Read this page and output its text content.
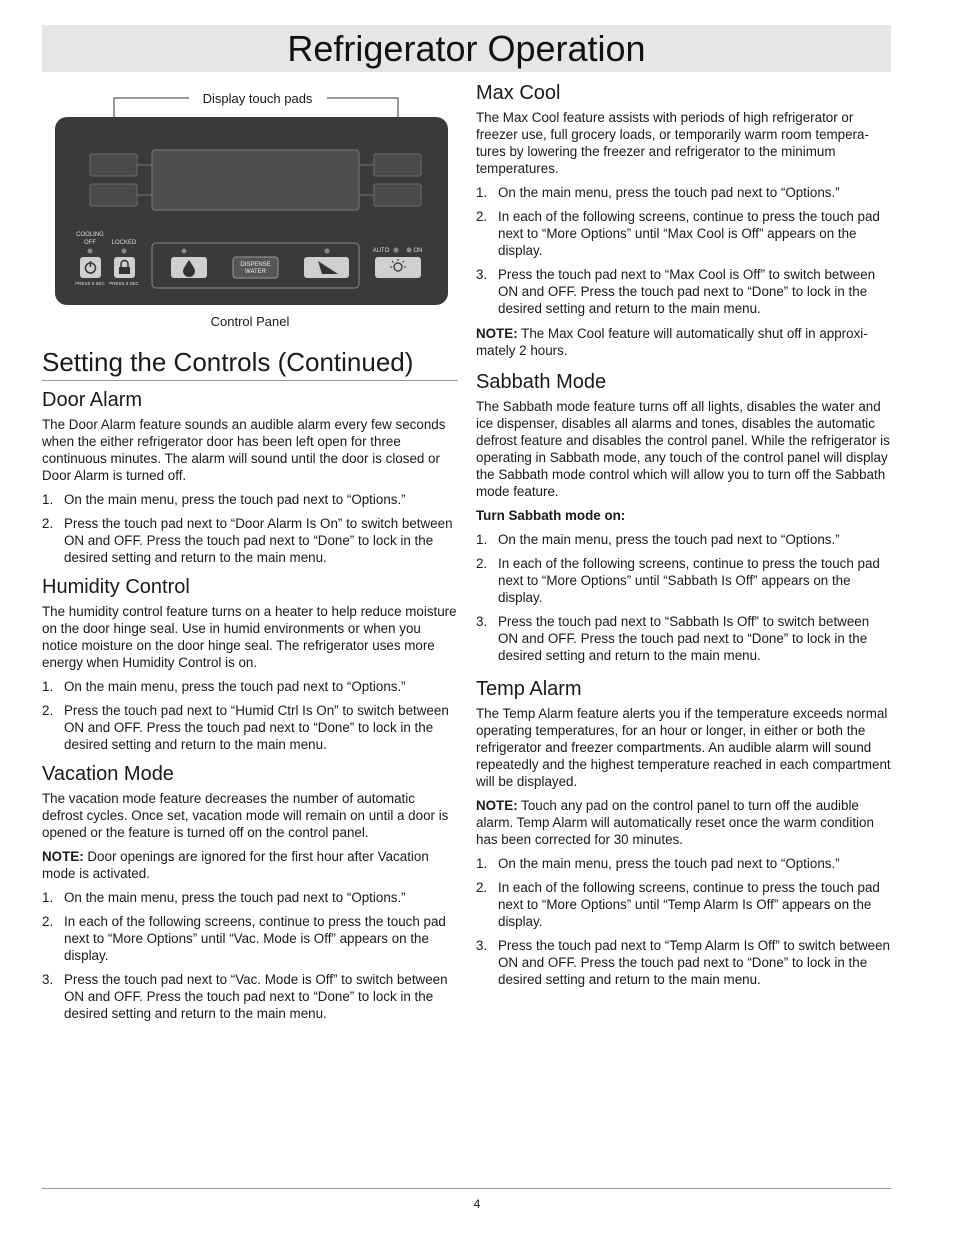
Refrigerator Operation
COOLING
OFF	LOCKED
PRESS 3 SEC PRESS 3 SEC
DISPENSE
WATER
AUTO	ON
Display touch pads
Control Panel
Setting the Controls (Continued)
Door Alarm

The Door Alarm feature sounds an audible alarm every few seconds when the either refrigerator door has been left open for three continuous minutes. The alarm will sound until the door is closed or Door Alarm is turned off.

1. On the main menu, press the touch pad next to “Options.”
2. Press the touch pad next to “Door Alarm Is On” to switch between ON and OFF. Press the touch pad next to “Done” to lock in the desired setting and return to the main menu.
Humidity Control

The humidity control feature turns on a heater to help reduce moisture on the door hinge seal. Use in humid environments or when you notice moisture on the door hinge seal. The refrigerator uses more energy when Humidity Control is on.

1. On the main menu, press the touch pad next to “Options.”
2. Press the touch pad next to “Humid Ctrl Is On” to switch between ON and OFF. Press the touch pad next to “Done” to lock in the desired setting and return to the main menu.
Vacation Mode

The vacation mode feature decreases the number of automatic defrost cycles. Once set, vacation mode will remain on until a door is opened or the feature is turned off on the control panel.

NOTE: Door openings are ignored for the first hour after Vacation mode is activated.

1. On the main menu, press the touch pad next to “Options.”
2. In each of the following screens, continue to press the touch pad next to “More Options” until “Vac. Mode is Off” appears on the display.
3. Press the touch pad next to “Vac. Mode is Off” to switch between ON and OFF. Press the touch pad next to “Done” to lock in the desired setting and return to the main menu.
Max Cool

The Max Cool feature assists with periods of high refrigerator or freezer use, full grocery loads, or temporarily warm room tempera-tures by lowering the freezer and refrigerator to the minimum temperatures.

1. On the main menu, press the touch pad next to “Options.”
2. In each of the following screens, continue to press the touch pad next to “More Options” until “Max Cool is Off” appears on the display.
3. Press the touch pad next to “Max Cool is Off” to switch between ON and OFF. Press the touch pad next to “Done” to lock in the desired setting and return to the main menu.

NOTE: The Max Cool feature will automatically shut off in approxi-mately 2 hours.

Sabbath Mode

The Sabbath mode feature turns off all lights, disables the water and ice dispenser, disables all alarms and tones, disables the automatic defrost feature and disables the control panel. While the refrigerator is operating in Sabbath mode, any touch of the control panel will display the Sabbath mode control which will allow you to turn off the Sabbath mode feature.

Turn Sabbath mode on:

1. On the main menu, press the touch pad next to “Options.”
2. In each of the following screens, continue to press the touch pad next to “More Options” until “Sabbath Is Off” appears on the display.
3. Press the touch pad next to “Sabbath Is Off” to switch between ON and OFF. Press the touch pad next to “Done” to lock in the desired setting and return to the main menu.
Temp Alarm

The Temp Alarm feature alerts you if the temperature exceeds normal operating temperatures, for an hour or longer, in either or both the refrigerator and freezer compartments. An audible alarm will sound repeatedly and the highest temperature reached in each compartment will be displayed.

NOTE: Touch any pad on the control panel to turn off the audible alarm. Temp Alarm will automatically reset once the warm condition has been corrected for 30 minutes.

1. On the main menu, press the touch pad next to “Options.”
2. In each of the following screens, continue to press the touch pad next to “More Options” until “Temp Alarm Is Off” appears on the display.
3. Press the touch pad next to “Temp Alarm Is Off” to switch between ON and OFF. Press the touch pad next to “Done” to lock in the desired setting and return to the main menu.
4
